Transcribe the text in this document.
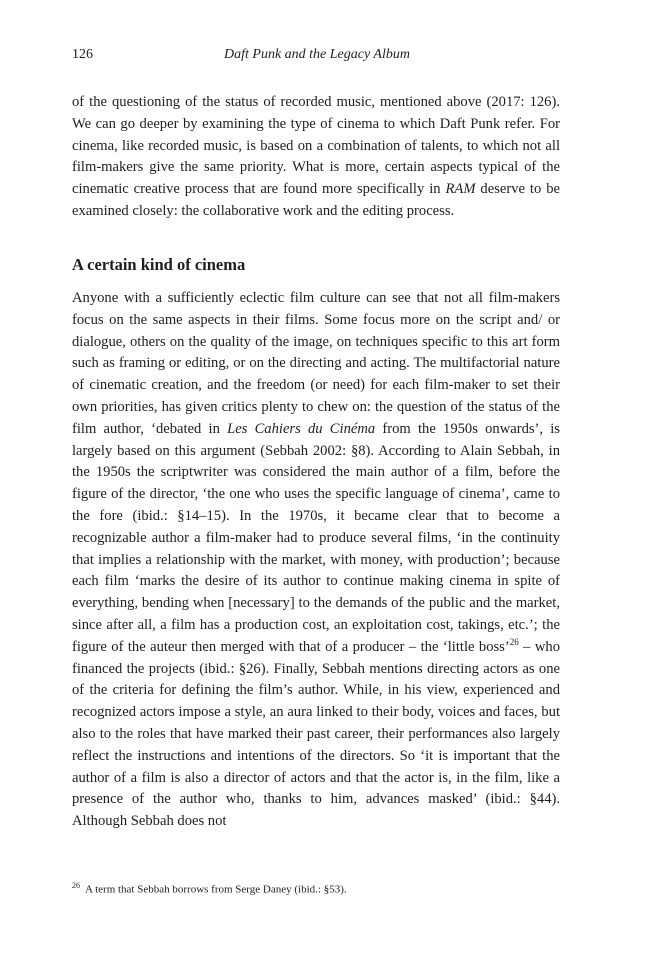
126	Daft Punk and the Legacy Album

of the questioning of the status of recorded music, mentioned above (2017: 126). We can go deeper by examining the type of cinema to which Daft Punk refer. For cinema, like recorded music, is based on a combination of talents, to which not all film-makers give the same priority. What is more, certain aspects typical of the cinematic creative process that are found more specifically in RAM deserve to be examined closely: the collaborative work and the editing process.

A certain kind of cinema

Anyone with a sufficiently eclectic film culture can see that not all film-makers focus on the same aspects in their films. Some focus more on the script and/ or dialogue, others on the quality of the image, on techniques specific to this art form such as framing or editing, or on the directing and acting. The multifactorial nature of cinematic creation, and the freedom (or need) for each film-maker to set their own priorities, has given critics plenty to chew on: the question of the status of the film author, ‘debated in Les Cahiers du Cinéma from the 1950s onwards’, is largely based on this argument (Sebbah 2002: §8). According to Alain Sebbah, in the 1950s the scriptwriter was considered the main author of a film, before the figure of the director, ‘the one who uses the specific language of cinema’, came to the fore (ibid.: §14–15). In the 1970s, it became clear that to become a recognizable author a film-maker had to produce several films, ‘in the continuity that implies a relationship with the market, with money, with production’; because each film ‘marks the desire of its author to continue making cinema in spite of everything, bending when [necessary] to the demands of the public and the market, since after all, a film has a production cost, an exploitation cost, takings, etc.’; the figure of the auteur then merged with that of a producer – the ‘little boss’$^{26}$ – who financed the projects (ibid.: §26). Finally, Sebbah mentions directing actors as one of the criteria for defining the film’s author. While, in his view, experienced and recognized actors impose a style, an aura linked to their body, voices and faces, but also to the roles that have marked their past career, their performances also largely reflect the instructions and intentions of the directors. So ‘it is important that the author of a film is also a director of actors and that the actor is, in the film, like a presence of the author who, thanks to him, advances masked’ (ibid.: §44). Although Sebbah does not

$^{26}$ A term that Sebbah borrows from Serge Daney (ibid.: §53).
